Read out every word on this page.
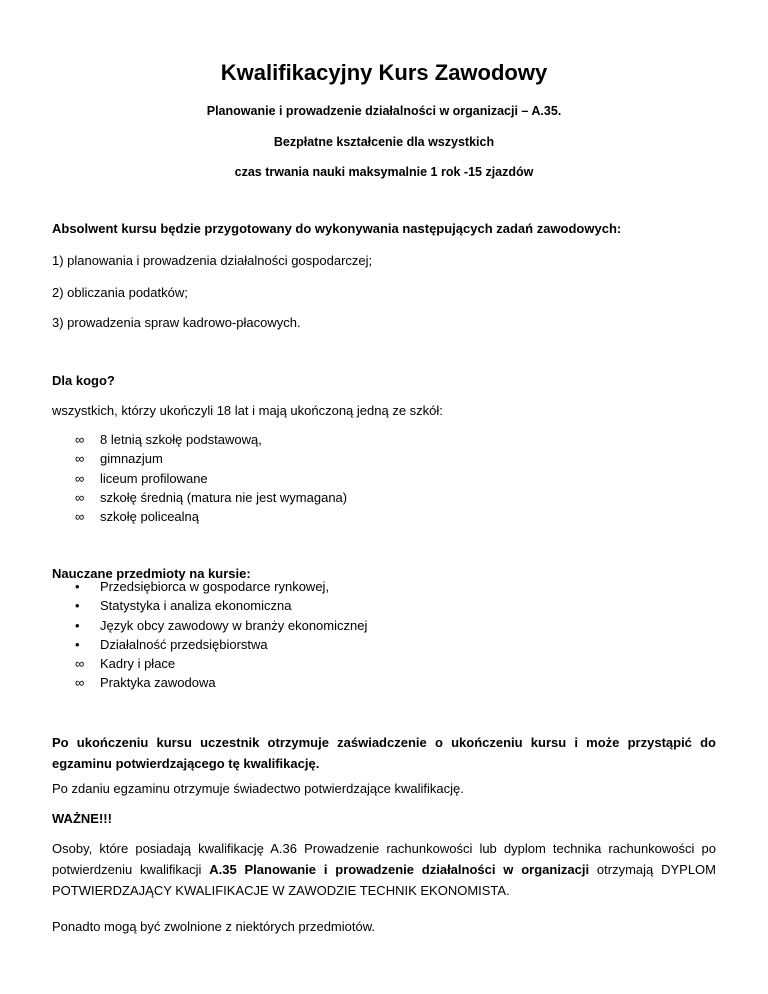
Kwalifikacyjny Kurs Zawodowy
Planowanie i prowadzenie działalności w organizacji – A.35.
Bezpłatne kształcenie dla wszystkich
czas trwania nauki maksymalnie 1 rok -15 zjazdów
Absolwent kursu będzie przygotowany do wykonywania następujących zadań zawodowych:
1) planowania i prowadzenia działalności gospodarczej;
2) obliczania podatków;
3) prowadzenia spraw kadrowo-płacowych.
Dla kogo?
wszystkich, którzy ukończyli 18 lat i mają ukończoną jedną ze szkół:
∞	8 letnią szkołę podstawową,
∞	gimnazjum
∞	liceum profilowane
∞	szkołę średnią (matura nie jest wymagana)
∞	szkołę policealną
Nauczane przedmioty na kursie:
•	Przedsiębiorca w gospodarce rynkowej,
•	Statystyka i analiza ekonomiczna
•	Język obcy zawodowy w branży ekonomicznej
•	Działalność przedsiębiorstwa
∞	Kadry i płace
∞	Praktyka zawodowa
Po ukończeniu kursu uczestnik otrzymuje zaświadczenie o ukończeniu kursu i może przystąpić do egzaminu potwierdzającego tę kwalifikację.
Po zdaniu egzaminu otrzymuje świadectwo potwierdzające kwalifikację.
WAŻNE!!!
Osoby, które posiadają kwalifikację A.36 Prowadzenie rachunkowości lub dyplom technika rachunkowości po potwierdzeniu kwalifikacji A.35 Planowanie i prowadzenie działalności w organizacji otrzymają DYPLOM POTWIERDZAJĄCY KWALIFIKACJE W ZAWODZIE TECHNIK EKONOMISTA.
Ponadto mogą być zwolnione z niektórych przedmiotów.
